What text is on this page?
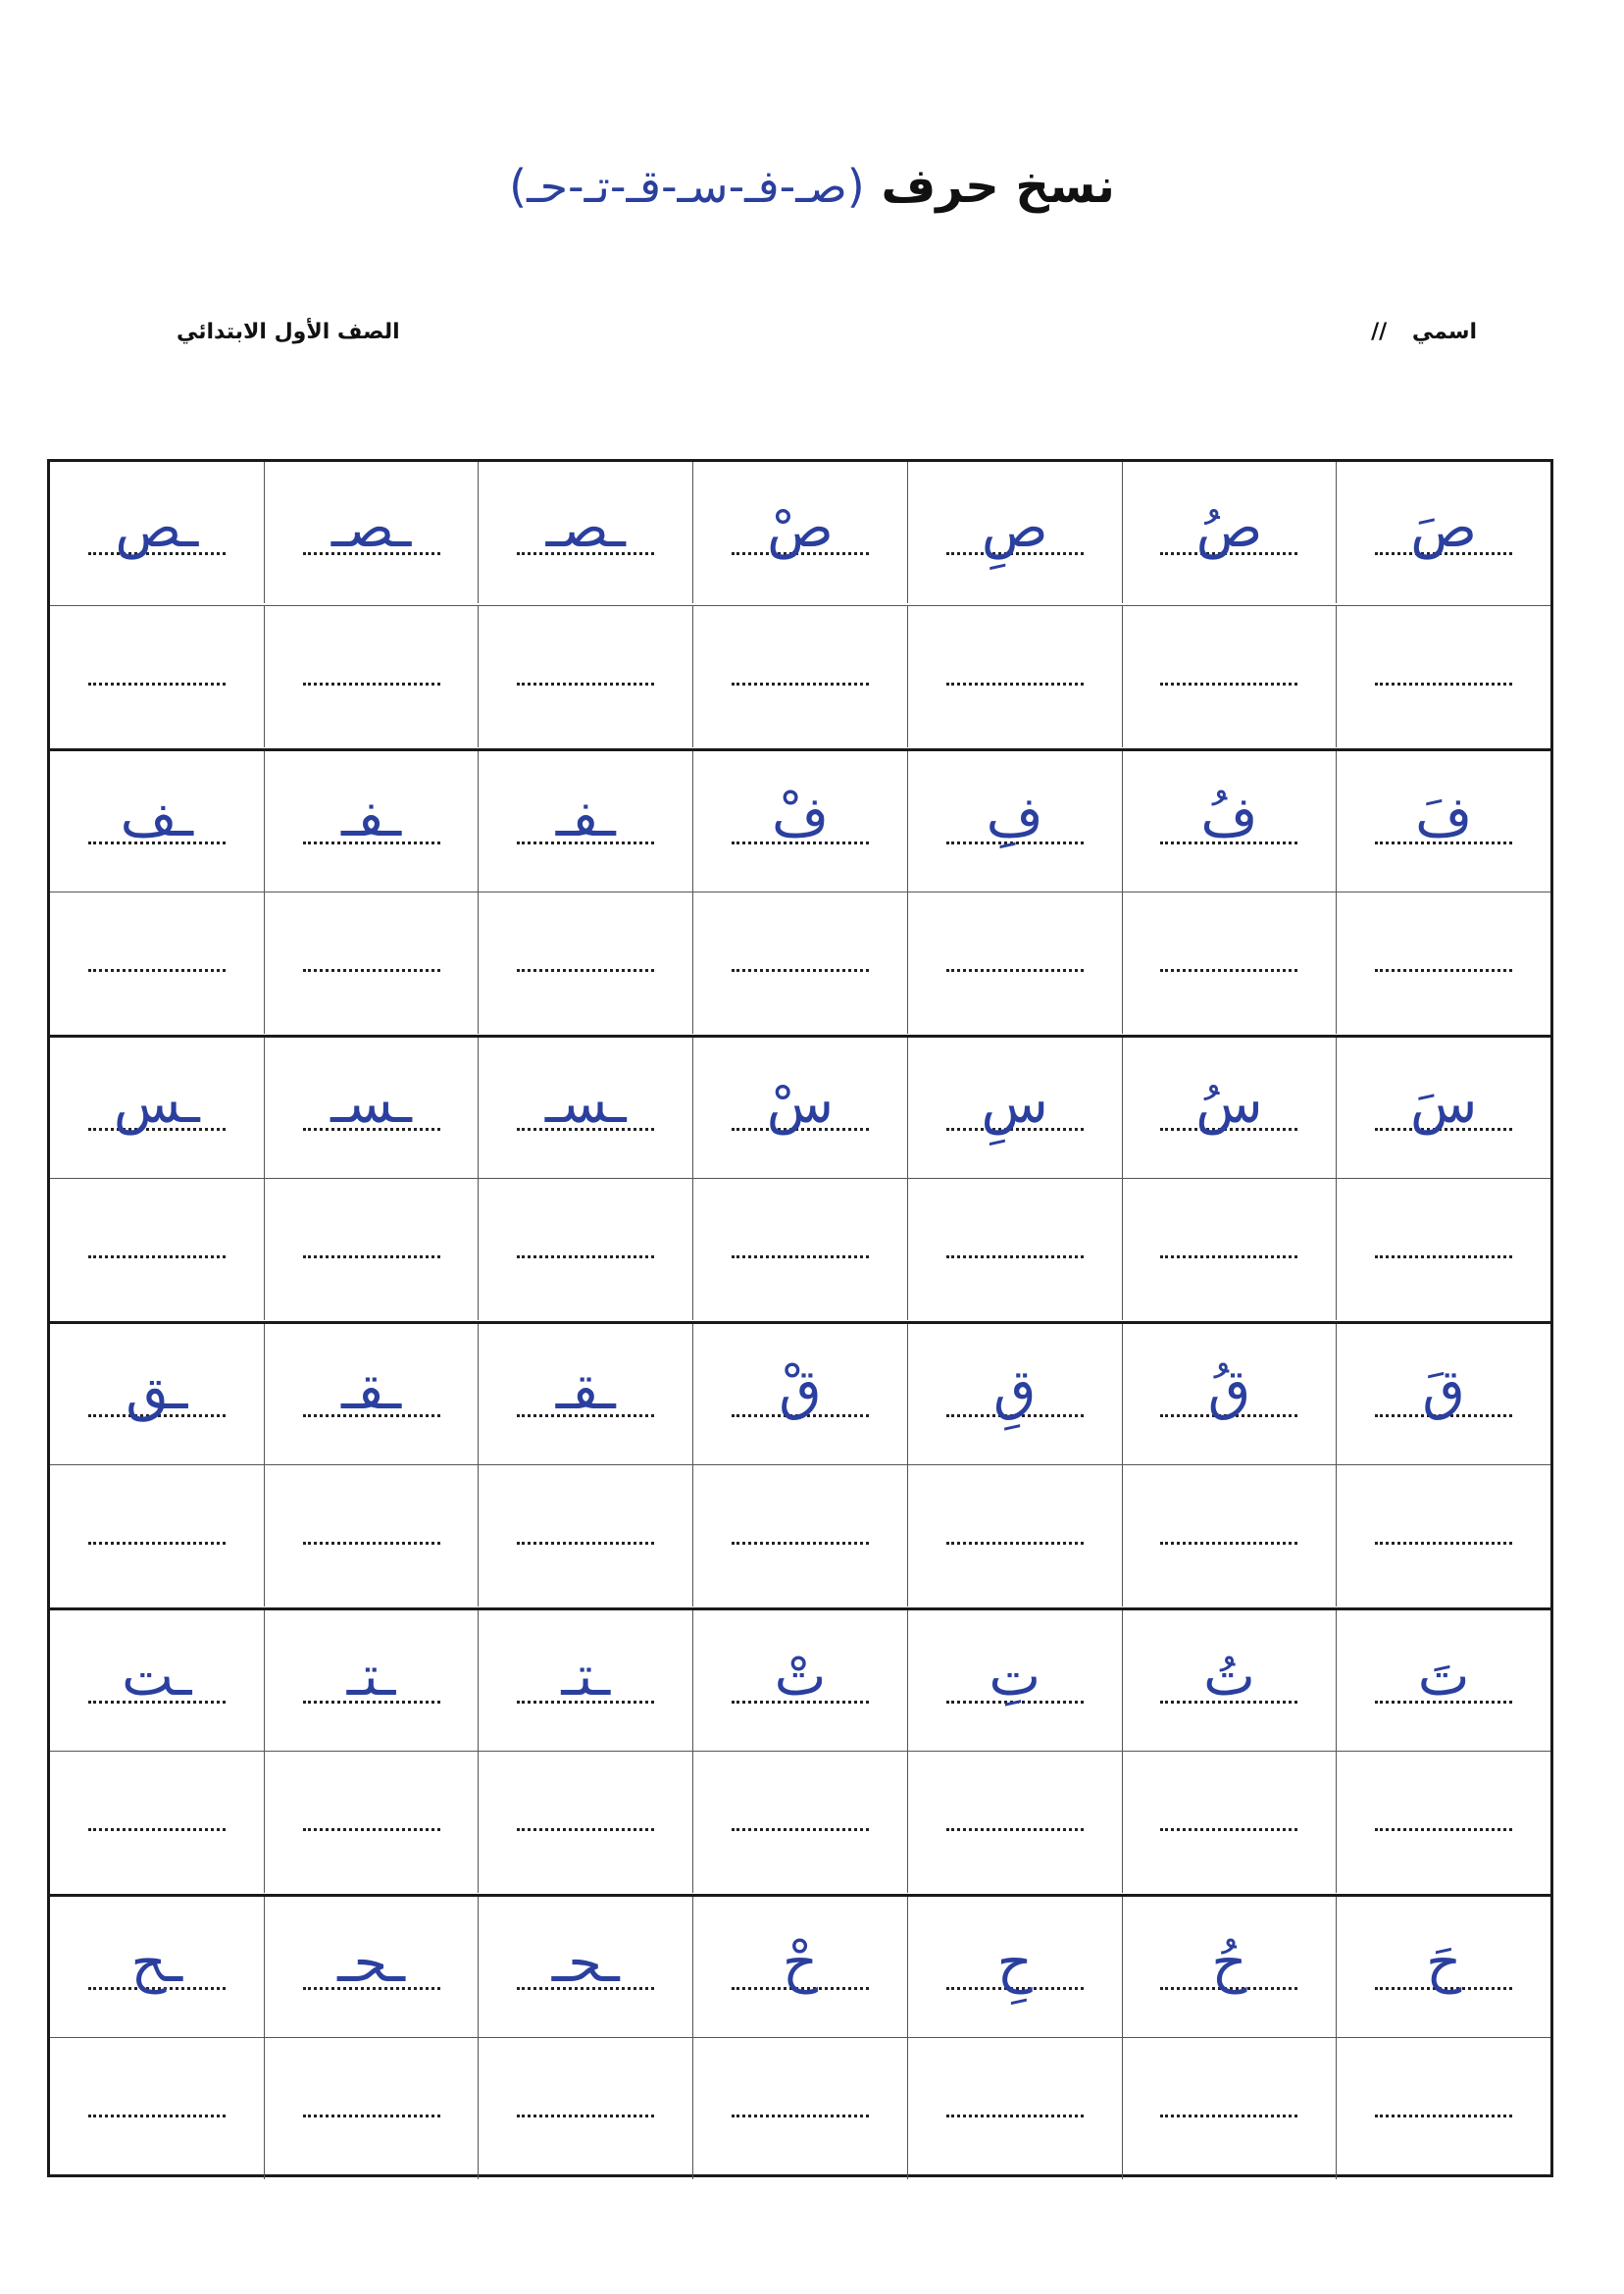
نسخ حرف (صـ-فـ-سـ-قـ-تـ-حـ)
اسمي //
الصف الأول الابتدائي
صَ
صُ
صِ
صْ
ـصـ
ـصـ
ـص
فَ
فُ
فِ
فْ
ـفـ
ـفـ
ـف
سَ
سُ
سِ
سْ
ـسـ
ـسـ
ـس
قَ
قُ
قِ
قْ
ـقـ
ـقـ
ـق
تَ
تُ
تِ
تْ
ـتـ
ـتـ
ـت
حَ
حُ
حِ
حْ
ـحـ
ـحـ
ـح
